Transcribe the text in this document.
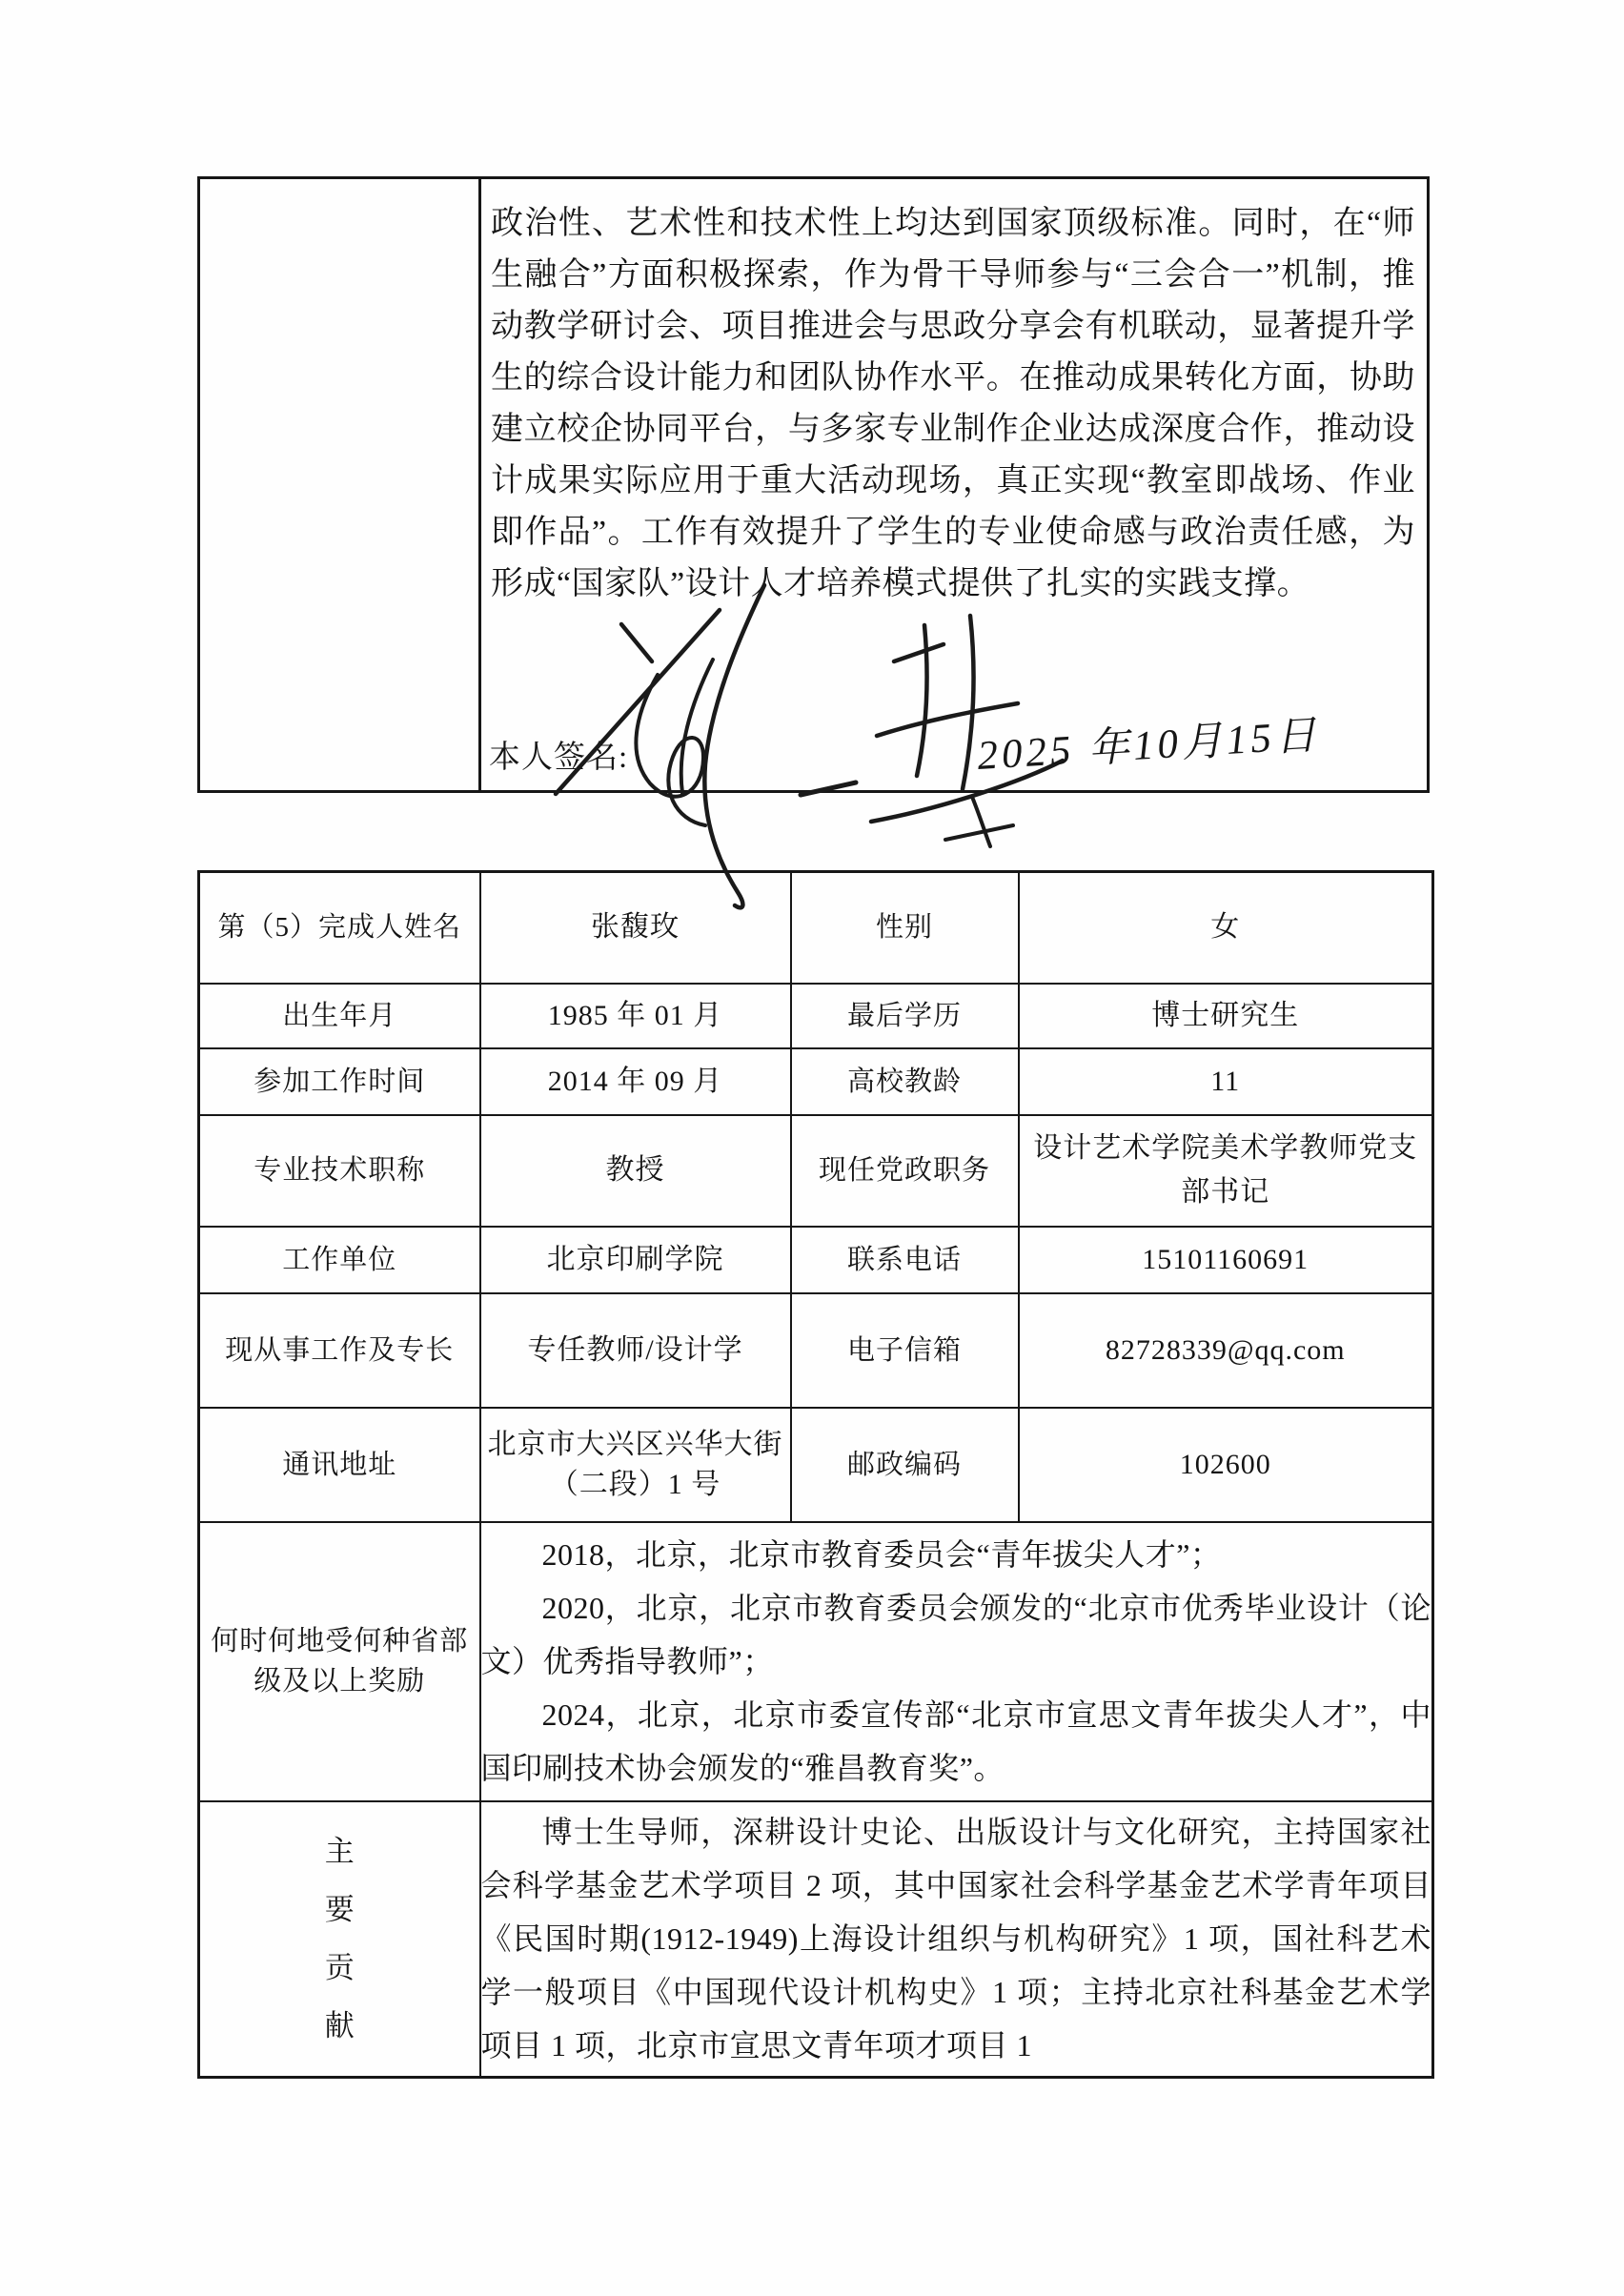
政治性、艺术性和技术性上均达到国家顶级标准。同时，在“师生融合”方面积极探索，作为骨干导师参与“三会合一”机制，推动教学研讨会、项目推进会与思政分享会有机联动，显著提升学生的综合设计能力和团队协作水平。在推动成果转化方面，协助建立校企协同平台，与多家专业制作企业达成深度合作，推动设计成果实际应用于重大活动现场，真正实现“教室即战场、作业即作品”。工作有效提升了学生的专业使命感与政治责任感，为形成“国家队”设计人才培养模式提供了扎实的实践支撑。

本人签名:	2025 年10月15日
第（5）完成人姓名	张馥玫	性别	女
出生年月	1985 年 01 月	最后学历	博士研究生
参加工作时间	2014 年 09 月	高校教龄	11
专业技术职称	教授	现任党政职务	设计艺术学院美术学教师党支部书记
工作单位	北京印刷学院	联系电话	15101160691
现从事工作及专长	专任教师/设计学	电子信箱	82728339@qq.com
通讯地址	北京市大兴区兴华大街（二段）1 号	邮政编码	102600
何时何地受何种省部级及以上奖励	2018，北京，北京市教育委员会“青年拔尖人才”；

2020，北京，北京市教育委员会颁发的“北京市优秀毕业设计（论文）优秀指导教师”；

2024，北京，北京市委宣传部“北京市宣思文青年拔尖人才”，中国印刷技术协会颁发的“雅昌教育奖”。		

主
要
贡
献	博士生导师，深耕设计史论、出版设计与文化研究，主持国家社会科学基金艺术学项目 2 项，其中国家社会科学基金艺术学青年项目《民国时期(1912-1949)上海设计组织与机构研究》1 项，国社科艺术学一般项目《中国现代设计机构史》1 项；主持北京社科基金艺术学项目 1 项，北京市宣思文青年项才项目 1		
